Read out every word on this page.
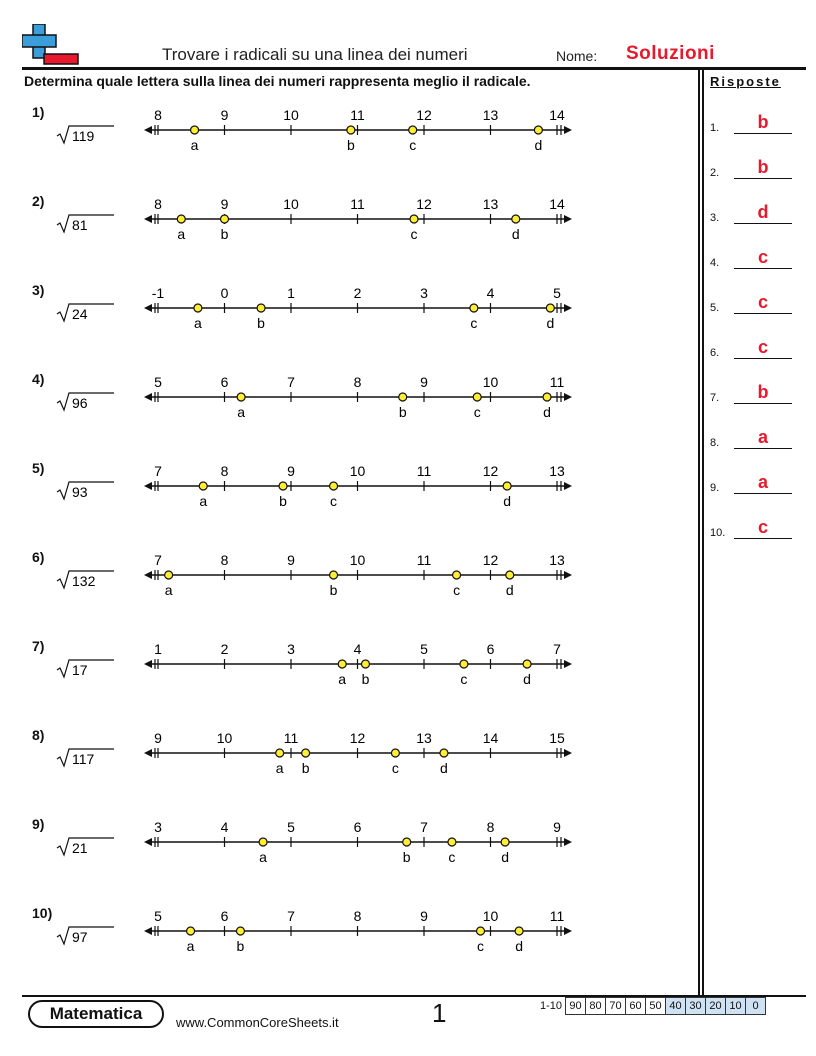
Trovare i radicali su una linea dei numeri	Nome: Soluzioni
Determina quale lettera sulla linea dei numeri rappresenta meglio il radicale.	Risposte
1.	b
2.	b
3.	d
4.	c
5.	c
6.	c
7.	b
8.	a
9.	a
10.	c
1)
119
8	9	10	11	12	13	14
a	b	c	d
2)
81
8	9	10	11	12	13	14
a	b	c	d
3)
24
-1	0	1	2	3	4	5
a	b	c	d
4)
96
5	6	7	8	9	10	11
a	b	c	d
5)
93
7	8	9	10	11	12	13
a	b	c	d
6)
132
7	8	9	10	11	12	13
a	b	c	d
7)
17
1	2	3	4	5	6	7
a b	c	d
8)
117
9	10	11	12	13	14	15
a b	c	d
9)
21
3	4	5	6	7	8	9
a	b	c	d
10)
97
5	6	7	8	9	10	11
a	b	c d
Matematica	www.CommonCoreSheets.it	1	1-10 90 80 70 60 50 40 30 20 10 0
